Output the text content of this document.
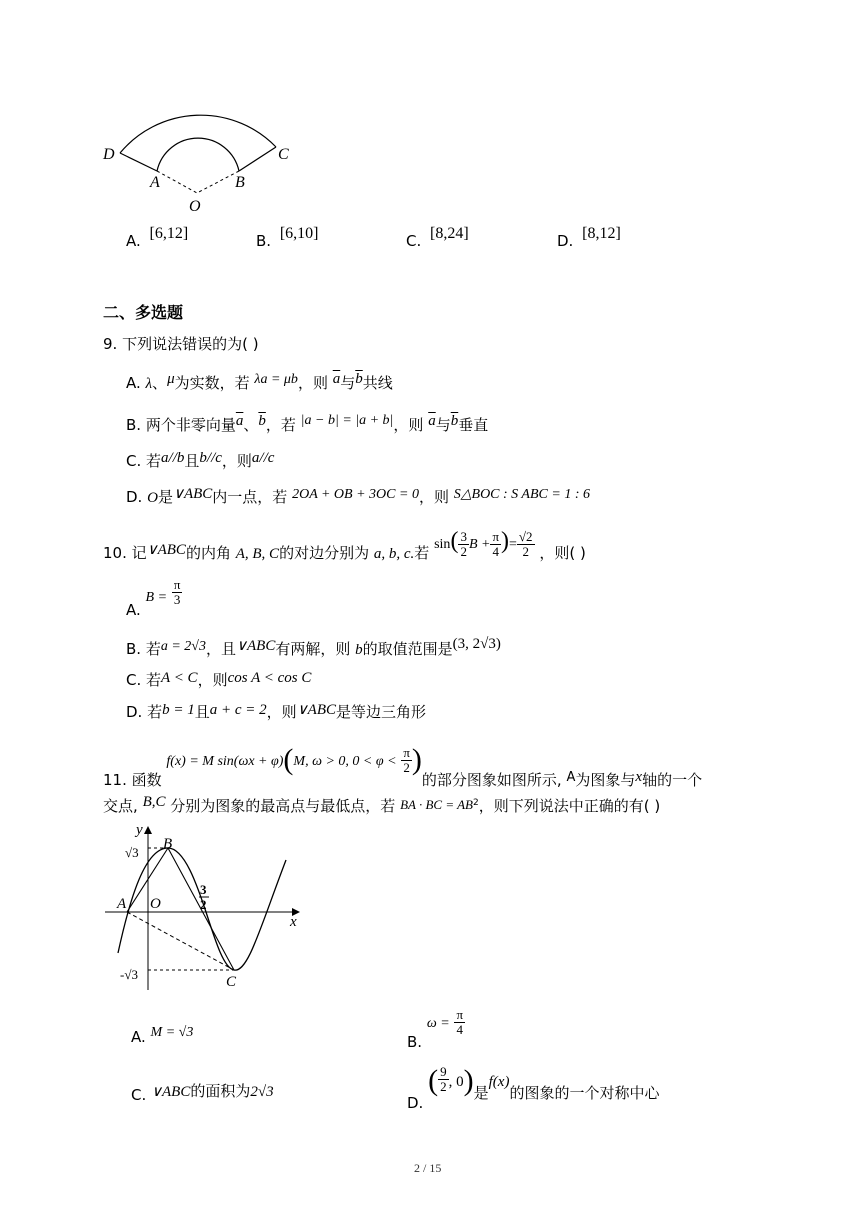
D	C
A	B
O
A. [6,12]	B. [6,10]	C. [8,24]	D. [8,12]
二、多选题
9. 下列说法错误的为( )
A. λ、μ为实数，若 λa = μb，则 $\overline{a}$与$\overline{b}$共线
B. 两个非零向量$\overline{a}$、$\overline{b}$，若 |a − b| = |a + b|，则 $\overline{a}$与$\overline{b}$垂直
C. 若a//b且b//c，则a//c
D. O是∨ABC内一点，若 2OA + OB + 3OC = 0，则 S△BOC : S ABC = 1 : 6
10. 记∨ABC的内角 A, B, C的对边分别为 a, b, c.若 $\sin( \frac{3}{2}$ $B + \frac{\pi}{4}$ )= $\frac{√2}{2}$ ，则( )
A. $B = \frac{\pi}{3}$
B. 若a = 2√3，且∨ABC有两解，则 b的取值范围是(3, 2√3)
C. 若A < C，则cos A < cos C
D. 若b = 1且a + c = 2，则∨ABC是等边三角形
11. 函数 f(x) = M sin(ωx + φ)(M, ω > 0, $0 < \varphi < \frac{\pi}{2}$ )的部分图象如图所示, A为图象与x轴的一个
交点, B,C 分别为图象的最高点与最低点，若 BA · BC = $AB^2$，则下列说法中正确的有( )
y
x
B
A O
C
√3
-√3
3
2
A. M = √3
B. $\omega = \frac{\pi}{4}$
C. ∨ABC的面积为2√3
D. ( $\frac{9}{2}$ , 0)是f(x)的图象的一个对称中心
2 / 15
